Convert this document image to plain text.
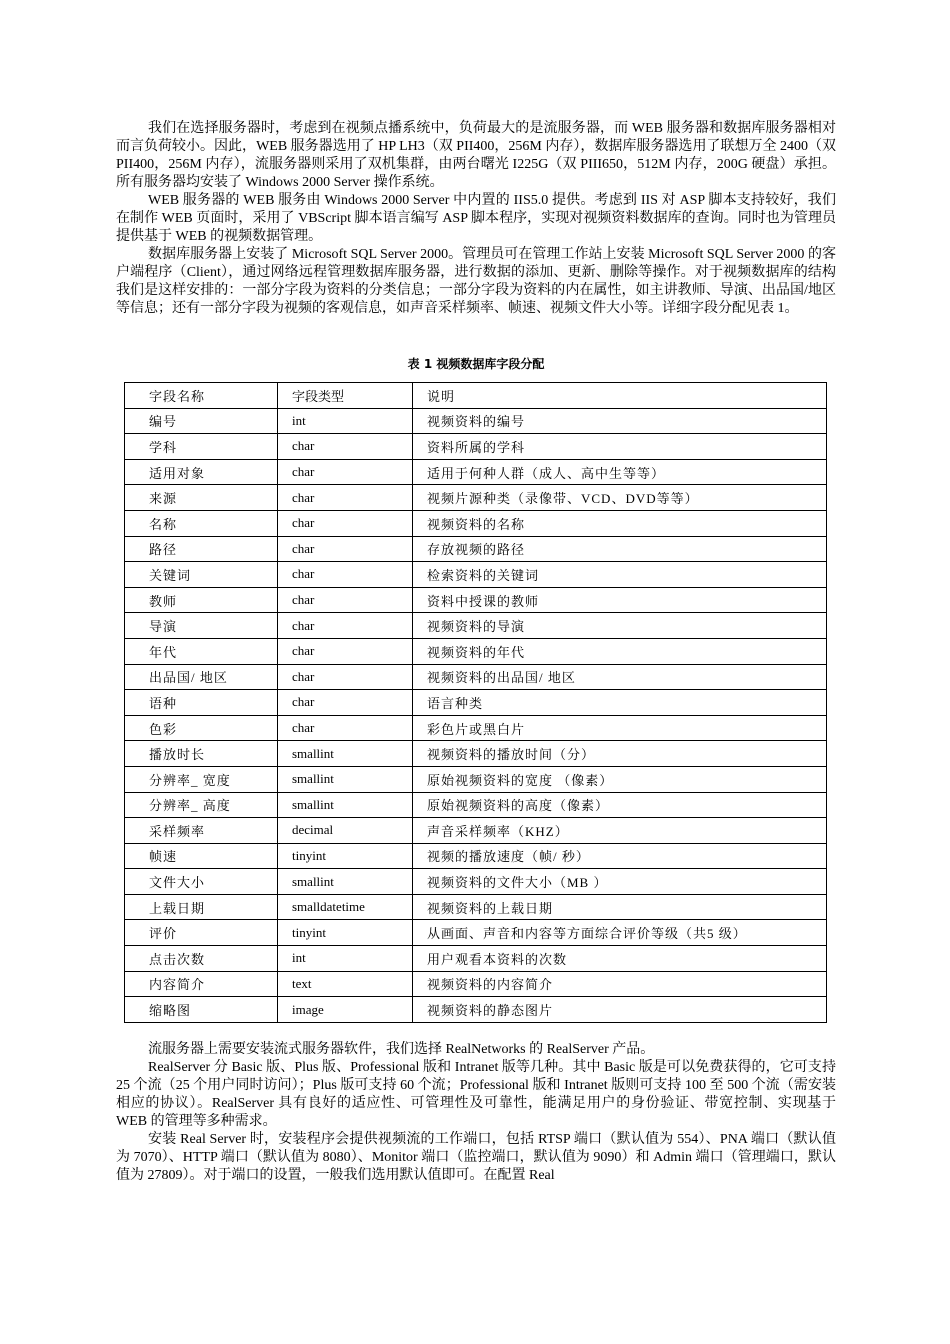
我们在选择服务器时，考虑到在视频点播系统中，负荷最大的是流服务器，而 WEB 服务器和数据库服务器相对而言负荷较小。因此，WEB 服务器选用了 HP LH3（双 PII400，256M 内存），数据库服务器选用了联想万全 2400（双 PII400，256M 内存），流服务器则采用了双机集群，由两台曙光 I225G（双 PIII650，512M 内存，200G 硬盘）承担。所有服务器均安装了 Windows 2000 Server 操作系统。

WEB 服务器的 WEB 服务由 Windows 2000 Server 中内置的 IIS5.0 提供。考虑到 IIS 对 ASP 脚本支持较好，我们在制作 WEB 页面时，采用了 VBScript 脚本语言编写 ASP 脚本程序，实现对视频资料数据库的查询。同时也为管理员提供基于 WEB 的视频数据管理。

数据库服务器上安装了 Microsoft SQL Server 2000。管理员可在管理工作站上安装 Microsoft SQL Server 2000 的客户端程序（Client），通过网络远程管理数据库服务器，进行数据的添加、更新、删除等操作。对于视频数据库的结构我们是这样安排的：一部分字段为资料的分类信息；一部分字段为资料的内在属性，如主讲教师、导演、出品国/地区等信息；还有一部分字段为视频的客观信息，如声音采样频率、帧速、视频文件大小等。详细字段分配见表 1。

表 1 视频数据库字段分配
字段名称	字段类型	说明
编号	int	视频资料的编号
学科	char	资料所属的学科
适用对象	char	适用于何种人群（成人、高中生等等）
来源	char	视频片源种类（录像带、VCD、DVD等等）
名称	char	视频资料的名称
路径	char	存放视频的路径
关键词	char	检索资料的关键词
教师	char	资料中授课的教师
导演	char	视频资料的导演
年代	char	视频资料的年代
出品国/ 地区	char	视频资料的出品国/ 地区
语种	char	语言种类
色彩	char	彩色片或黑白片
播放时长	smallint	视频资料的播放时间（分）
分辨率_ 宽度	smallint	原始视频资料的宽度 （像素）
分辨率_ 高度	smallint	原始视频资料的高度（像素）
采样频率	decimal	声音采样频率（KHZ）
帧速	tinyint	视频的播放速度（帧/ 秒）
文件大小	smallint	视频资料的文件大小（MB ）
上载日期	smalldatetime	视频资料的上载日期
评价	tinyint	从画面、声音和内容等方面综合评价等级（共5 级）
点击次数	int	用户观看本资料的次数
内容简介	text	视频资料的内容简介
缩略图	image	视频资料的静态图片

流服务器上需要安装流式服务器软件，我们选择 RealNetworks 的 RealServer 产品。

RealServer 分 Basic 版、Plus 版、Professional 版和 Intranet 版等几种。其中 Basic 版是可以免费获得的，它可支持 25 个流（25 个用户同时访问）；Plus 版可支持 60 个流；Professional 版和 Intranet 版则可支持 100 至 500 个流（需安装相应的协议）。RealServer 具有良好的适应性、可管理性及可靠性，能满足用户的身份验证、带宽控制、实现基于 WEB 的管理等多种需求。

安装 Real Server 时，安装程序会提供视频流的工作端口，包括 RTSP 端口（默认值为 554）、PNA 端口（默认值为 7070）、HTTP 端口（默认值为 8080）、Monitor 端口（监控端口，默认值为 9090）和 Admin 端口（管理端口，默认值为 27809）。对于端口的设置，一般我们选用默认值即可。在配置 Real
